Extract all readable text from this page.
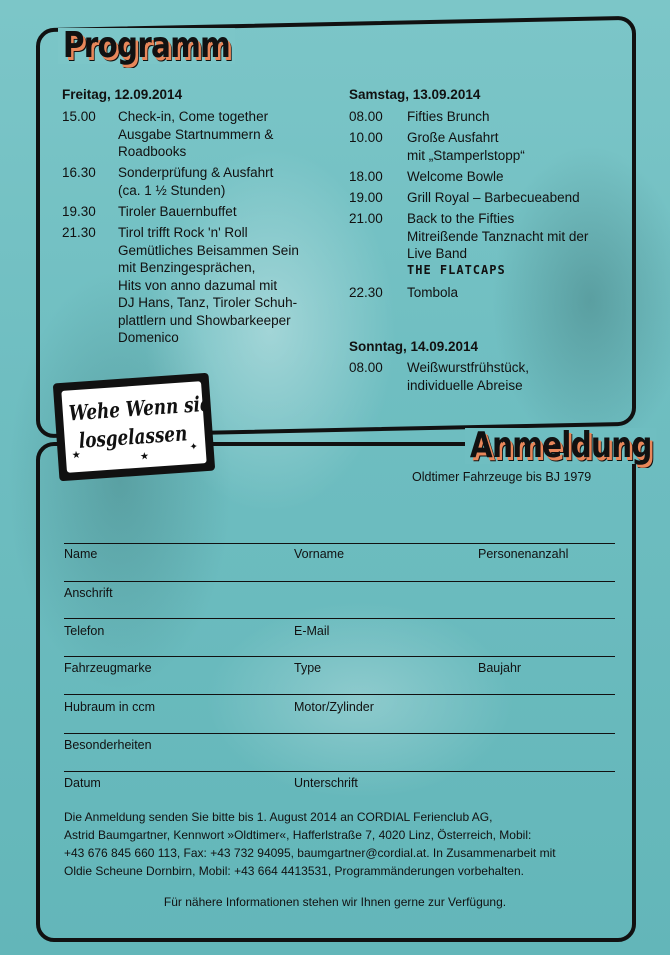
Programm
Freitag, 12.09.2014
15.00 Check-in, Come together
Ausgabe Startnummern &
Roadbooks
16.30 Sonderprüfung & Ausfahrt
(ca. 1 ½ Stunden)
19.30 Tiroler Bauernbuffet
21.30 Tirol trifft Rock 'n' Roll
Gemütliches Beisammen Sein
mit Benzingesprächen,
Hits von anno dazumal mit
DJ Hans, Tanz, Tiroler Schuh-
plattlern und Showbarkeeper
Domenico
Samstag, 13.09.2014
08.00 Fifties Brunch
10.00 Große Ausfahrt
mit „Stamperlstopp“
18.00 Welcome Bowle
19.00 Grill Royal – Barbecueabend
21.00 Back to the Fifties
Mitreißende Tanznacht mit der
Live Band
THE FLATCAPS
22.30 Tombola
Sonntag, 14.09.2014
08.00 Weißwurstfrühstück,
individuelle Abreise
Wehe Wenn sie
losgelassen
★	★
✦	Anmeldung
Oldtimer Fahrzeuge bis BJ 1979
Name	Vorname	Personenanzahl
Anschrift
Telefon	E-Mail
Fahrzeugmarke	Type	Baujahr
Hubraum in ccm	Motor/Zylinder
Besonderheiten
Datum	Unterschrift
Die Anmeldung senden Sie bitte bis 1. August 2014 an CORDIAL Ferienclub AG,
Astrid Baumgartner, Kennwort »Oldtimer«, Hafferlstraße 7, 4020 Linz, Österreich, Mobil:
+43 676 845 660 113, Fax: +43 732 94095, baumgartner@cordial.at. In Zusammenarbeit mit
Oldie Scheune Dornbirn, Mobil: +43 664 4413531, Programmänderungen vorbehalten.
Für nähere Informationen stehen wir Ihnen gerne zur Verfügung.
